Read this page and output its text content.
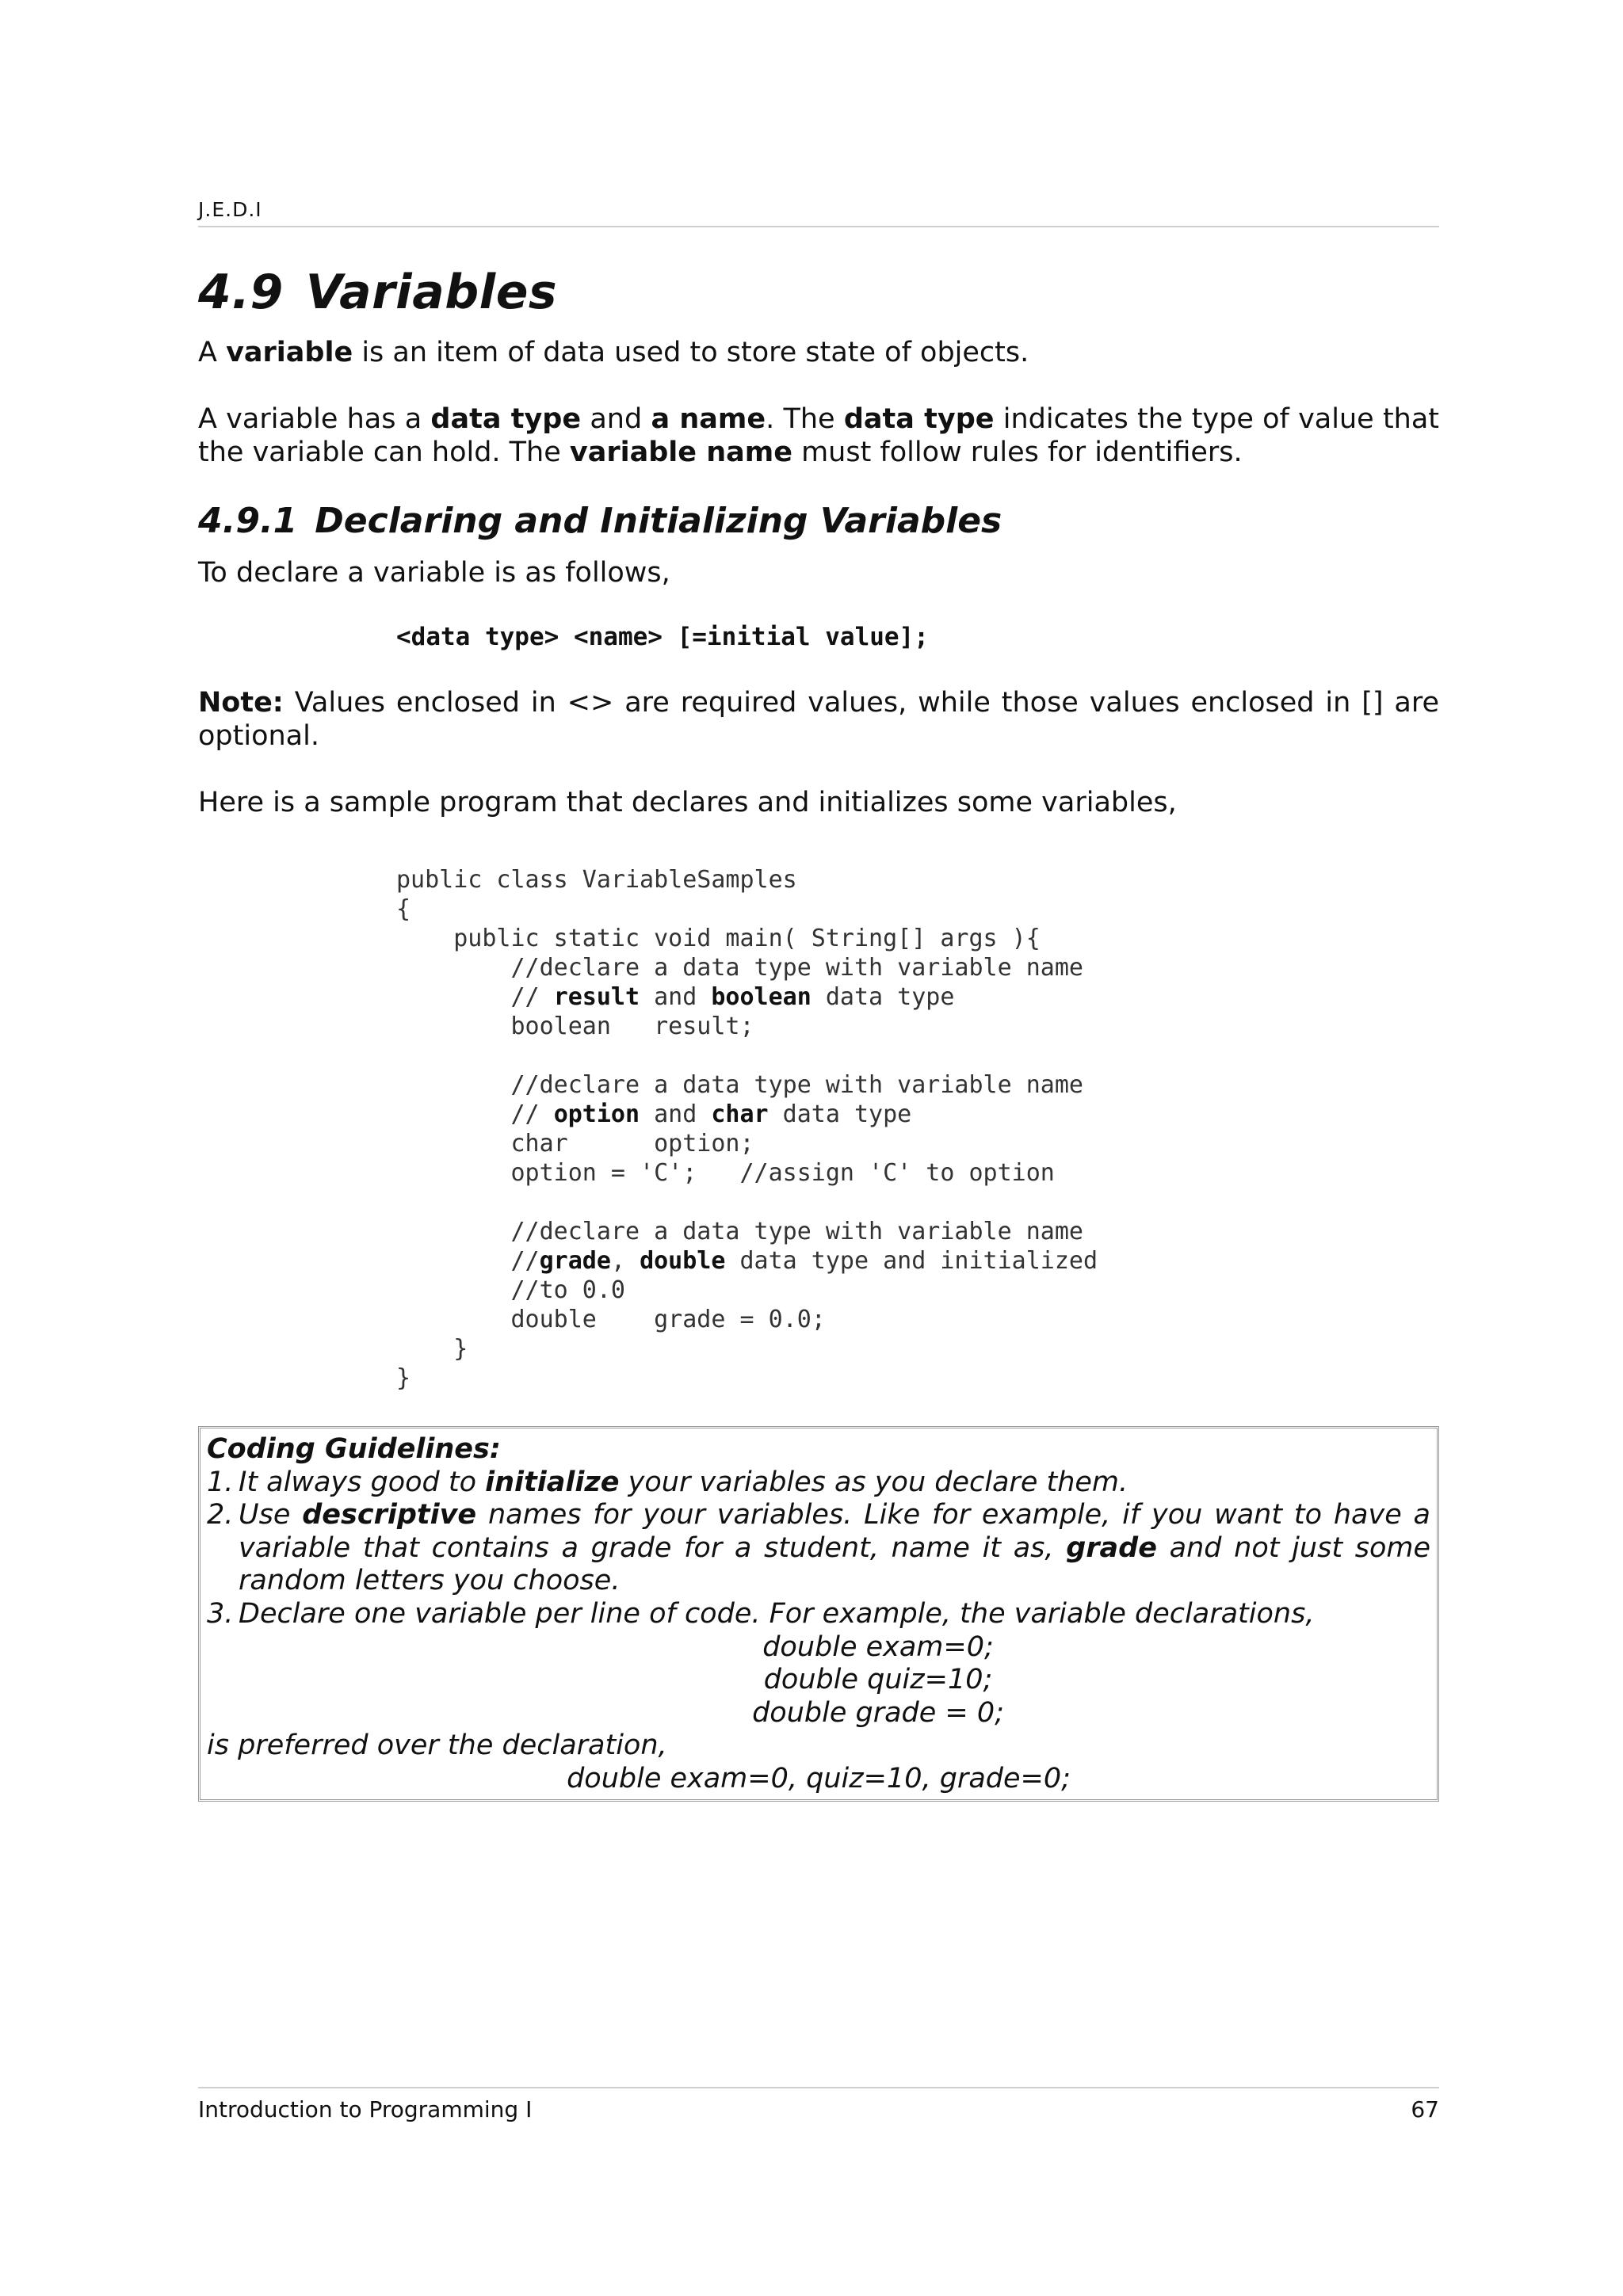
J.E.D.I
4.9 Variables

A variable is an item of data used to store state of objects.

A variable has a data type and a name. The data type indicates the type of value that the variable can hold. The variable name must follow rules for identifiers.

4.9.1 Declaring and Initializing Variables

To declare a variable is as follows,

<data type> <name> [=initial value];

Note: Values enclosed in <> are required values, while those values enclosed in [] are optional.

Here is a sample program that declares and initializes some variables,

public class VariableSamples
{
public static void main( String[] args ){
//declare a data type with variable name
// result and boolean data type
boolean   result;

//declare a data type with variable name
// option and char data type
char      option;
option = 'C';   //assign 'C' to option

//declare a data type with variable name
//grade, double data type and initialized
//to 0.0
double    grade = 0.0;
}
}
Coding Guidelines:
1. It always good to initialize your variables as you declare them.
2. Use descriptive names for your variables. Like for example, if you want to have a variable that contains a grade for a student, name it as, grade and not just some random letters you choose.
3. Declare one variable per line of code. For example, the variable declarations,
double exam=0;
double quiz=10;
double grade = 0;
is preferred over the declaration,
double exam=0, quiz=10, grade=0;
Introduction to Programming I	67
